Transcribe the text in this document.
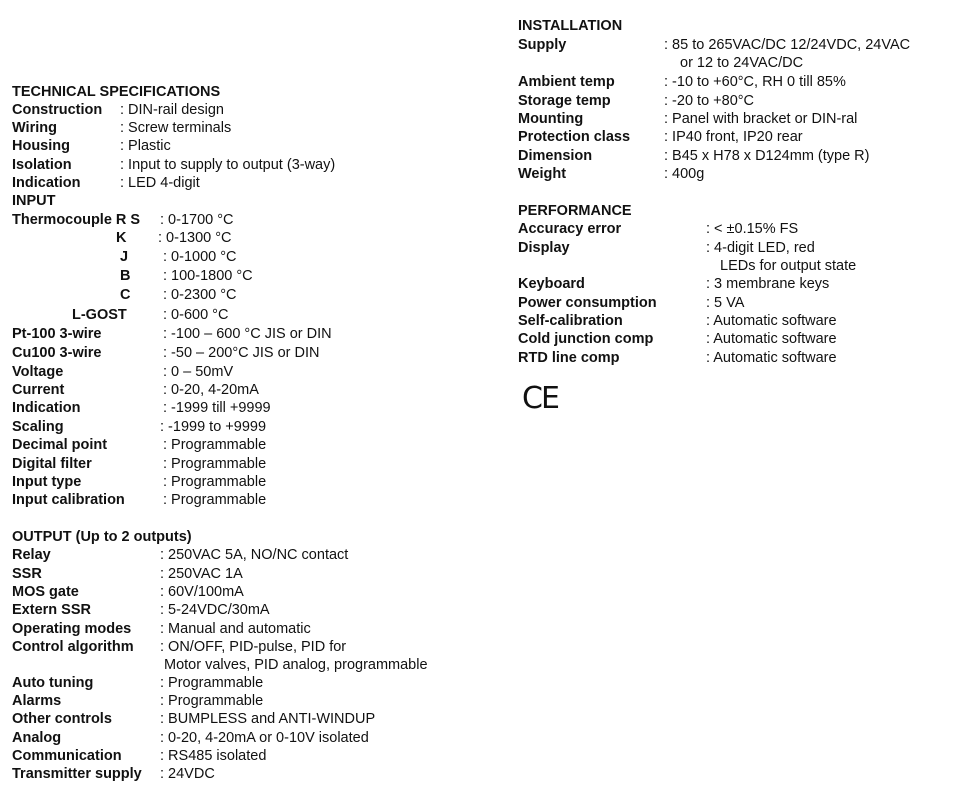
TECHNICAL SPECIFICATIONS
Construction : DIN-rail design
Wiring	: Screw terminals
Housing	: Plastic
Isolation	: Input to supply to output (3-way)
Indication	: LED 4-digit
INPUT
Thermocouple R S : 0-1700 °C
K : 0-1300 °C
J : 0-1000 °C
B : 100-1800 °C
C : 0-2300 °C
L-GOST : 0-600 °C
Pt-100 3-wire	: -100 – 600 °C JIS or DIN
Cu100 3-wire	: -50 – 200°C JIS or DIN
Voltage	: 0 – 50mV
Current	: 0-20, 4-20mA
Indication	: -1999 till +9999
Scaling	: -1999 to +9999
Decimal point	: Programmable
Digital filter	: Programmable
Input type	: Programmable
Input calibration	: Programmable
OUTPUT (Up to 2 outputs)
Relay	: 250VAC 5A, NO/NC contact
SSR	: 250VAC 1A
MOS gate	: 60V/100mA
Extern SSR	: 5-24VDC/30mA
Operating modes : Manual and automatic
Control algorithm : ON/OFF, PID-pulse, PID for
Motor valves, PID analog, programmable
Auto tuning	: Programmable
Alarms	: Programmable
Other controls	: BUMPLESS and ANTI-WINDUP
Analog	: 0-20, 4-20mA or 0-10V isolated
Communication	: RS485 isolated
Transmitter supply : 24VDC
INSTALLATION
Supply	: 85 to 265VAC/DC 12/24VDC, 24VAC
or 12 to 24VAC/DC
Ambient temp	: -10 to +60°C, RH 0 till 85%
Storage temp	: -20 to +80°C
Mounting	: Panel with bracket or DIN-ral
Protection class : IP40 front, IP20 rear
Dimension	: B45 x H78 x D124mm (type R)
Weight	: 400g
PERFORMANCE
Accuracy error	: < ±0.15% FS
Display	: 4-digit LED, red
LEDs for output state
Keyboard	: 3 membrane keys
Power consumption	: 5 VA
Self-calibration	: Automatic software
Cold junction comp	: Automatic software
RTD line comp	: Automatic software
CE
